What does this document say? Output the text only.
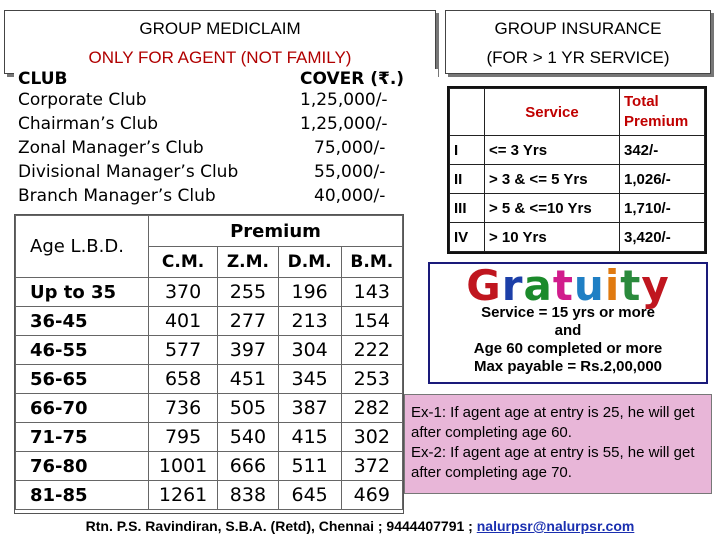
GROUP MEDICLAIM
ONLY FOR AGENT (NOT FAMILY)
GROUP INSURANCE
(FOR > 1 YR SERVICE)
CLUB	COVER (₹.)
Corporate Club	1,25,000/-
Chairman’s Club	1,25,000/-
Zonal Manager’s Club	75,000/-
Divisional Manager’s Club	55,000/-
Branch Manager’s Club	40,000/-
Age L.B.D.	Premium			
	C.M.	Z.M.	D.M.	B.M.
Up to 35	370	255	196	143
36-45	401	277	213	154
46-55	577	397	304	222
56-65	658	451	345	253
66-70	736	505	387	282
71-75	795	540	415	302
76-80	1001	666	511	372
81-85	1261	838	645	469
	Service	Total
Premium

I	<= 3 Yrs	342/-
II	> 3 & <= 5 Yrs	1,026/-
III	> 5 & <=10 Yrs	1,710/-
IV	> 10 Yrs	3,420/-
Gratuity
Service = 15 yrs or more
and
Age 60 completed or more
Max payable = Rs.2,00,000
Ex-1: If agent age at entry is 25, he will get after completing age 60.
Ex-2: If agent age at entry is 55, he will get after completing age 70.
Rtn. P.S. Ravindiran, S.B.A. (Retd), Chennai ; 9444407791 ; nalurpsr@nalurpsr.com
